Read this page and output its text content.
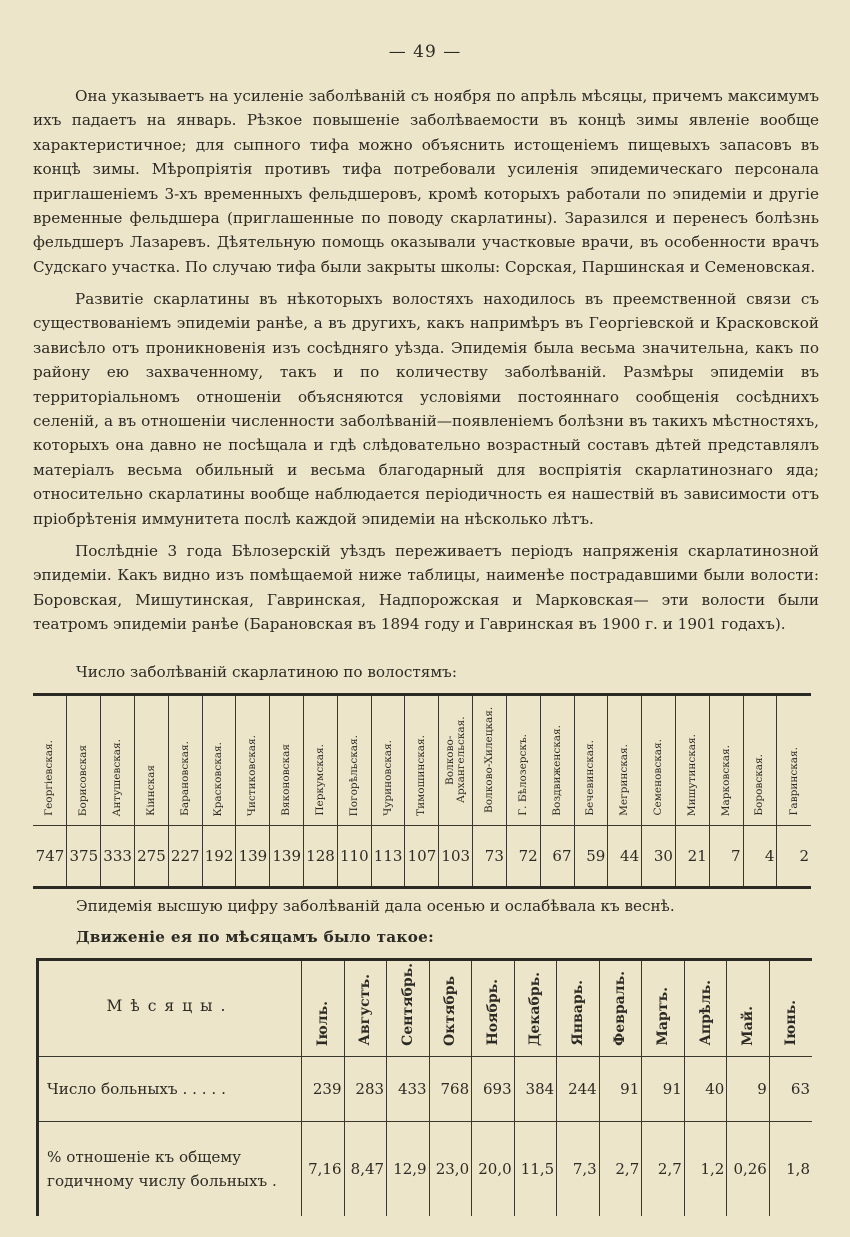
— 49 —

Она указываетъ на усиленіе заболѣваній съ ноября по апрѣль мѣсяцы, причемъ максимумъ ихъ падаетъ на январь. Рѣзкое повышеніе заболѣваемости въ концѣ зимы явленіе вообще характеристичное; для сыпного тифа можно объяснить истощеніемъ пищевыхъ запасовъ въ концѣ зимы. Мѣропріятія противъ тифа потребовали усиленія эпидемическаго персонала приглашеніемъ 3-хъ временныхъ фельдшеровъ, кромѣ которыхъ работали по эпидеміи и другіе временные фельдшера (приглашенные по поводу скарлатины). Заразился и перенесъ болѣзнь фельдшеръ Лазаревъ. Дѣятельную помощь оказывали участковые врачи, въ особенности врачъ Судскаго участка. По случаю тифа были закрыты школы: Сорская, Паршинская и Семеновская.

Развитіе скарлатины въ нѣкоторыхъ волостяхъ находилось въ преемственной связи съ существованіемъ эпидеміи ранѣе, а въ другихъ, какъ напримѣръ въ Георгіевской и Красковской зависѣло отъ проникновенія изъ сосѣдняго уѣзда. Эпидемія была весьма значительна, какъ по району ею захваченному, такъ и по количеству заболѣваній. Размѣры эпидеміи въ территоріальномъ отношеніи объясняются условіями постояннаго сообщенія сосѣднихъ селеній, а въ отношеніи численности заболѣваній—появленіемъ болѣзни въ такихъ мѣстностяхъ, которыхъ она давно не посѣщала и гдѣ слѣдовательно возрастный составъ дѣтей представлялъ матеріалъ весьма обильный и весьма благодарный для воспріятія скарлатинознаго яда; относительно скарлатины вообще наблюдается періодичность ея нашествій въ зависимости отъ пріобрѣтенія иммунитета послѣ каждой эпидеміи на нѣсколько лѣтъ.

Послѣдніе 3 года Бѣлозерскій уѣздъ переживаетъ періодъ напряженія скарлатинозной эпидеміи. Какъ видно изъ помѣщаемой ниже таблицы, наименѣе пострадавшими были волости: Боровская, Мишутинская, Гавринская, Надпорожская и Марковская— эти волости были театромъ эпидеміи ранѣе (Барановская въ 1894 году и Гавринская въ 1900 г. и 1901 годахъ).

Число заболѣваній скарлатиною по волостямъ:

Георгіевская.	Борисовская	Антушевская.	Кіинская	Барановская.	Красковская.	Чистиковская.	Вяконовская	Перкумская.	Погорѣльская.	Чуриновская.	Тимошинская.	Волково-Архангельская.	Волково-Хилецкая.	Г. Бѣлозерскъ.	Воздвиженская.	Бечевинская.	Мегринская.	Семеновская.	Мишутинская.	Марковская.	Боровская.	Гавринская.
747	375	333	275	227	192	139	139	128	110	113	107	103	73	72	67	59	44	30	21	7	4	2

Эпидемія высшую цифру заболѣваній дала осенью и ослабѣвала къ веснѣ.

Движеніе ея по мѣсяцамъ было такое:

Мѣсяцы.	Іюль.	Августъ.	Сентябрь.	Октябрь	Ноябрь.	Декабрь.	Январь.	Февраль.	Мартъ.	Апрѣль.	Май.	Іюнь.
Число больныхъ . . . . .	239	283	433	768	693	384	244	91	91	40	9	63
% отношеніе къ общему годичному числу больныхъ .	7,16	8,47	12,9	23,0	20,0	11,5	7,3	2,7	2,7	1,2	0,26	1,8
